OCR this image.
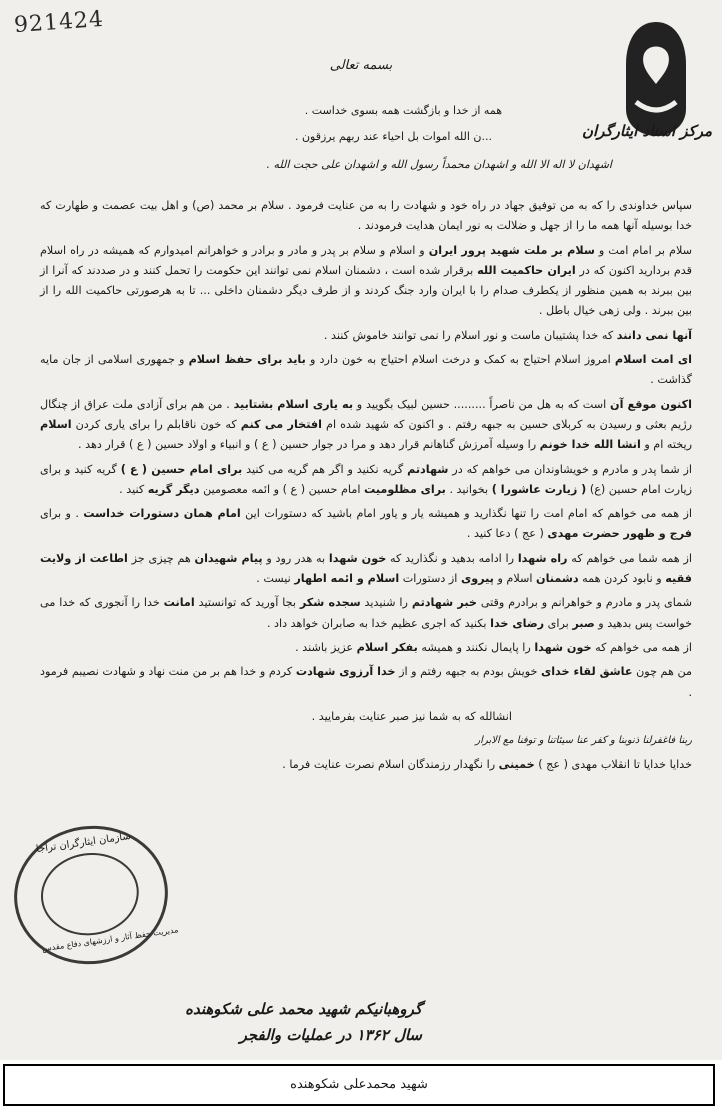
921424
بسمه تعالی
مرکز اسناد ایثارگران
همه از خدا و بازگشت همه بسوی خداست .
...ن الله اموات بل احیاء عند ربهم یرزقون .
اشهدان لا اله الا الله و اشهدان محمداً رسول الله و اشهدان علی حجت الله .

سپاس خداوندی را که به من توفیق جهاد در راه خود و شهادت را به من عنایت فرمود . سلام بر محمد (ص) و اهل بیت عصمت و طهارت که خدا بوسیله آنها همه ما را از جهل و ضلالت به نور ایمان هدایت فرمودند .

سلام بر امام امت و سلام بر ملت شهید پرور ایران و اسلام و سلام بر پدر و مادر و برادر و خواهرانم امیدوارم که همیشه در راه اسلام قدم بردارید اکنون که در ایران حاکمیت الله برقرار شده است ، دشمنان اسلام نمی توانند این حکومت را تحمل کنند و در صددند که آنرا از بین ببرند به همین منظور از یکطرف صدام را با ایران وارد جنگ کردند و از طرف دیگر دشمنان داخلی ... تا به هرصورتی حاکمیت الله را از بین ببرند . ولی زهی خیال باطل .

آنها نمی دانند که خدا پشتیبان ماست و نور اسلام را نمی توانند خاموش کنند .

ای امت اسلام امروز اسلام احتیاج به کمک و درخت اسلام احتیاج به خون دارد و باید برای حفظ اسلام و جمهوری اسلامی از جان مایه گذاشت .

اکنون موقع آن است که به هل من ناصراً ......... حسین لبیک بگویید و به یاری اسلام بشتابید . من هم برای آزادی ملت عراق از چنگال رژیم بعثی و رسیدن به کربلای حسین به جبهه رفتم . و اکنون که شهید شده ام افتخار می کنم که خون ناقابلم را برای یاری کردن اسلام ریخته ام و انشا الله خدا خونم را وسیله آمرزش گناهانم قرار دهد و مرا در جوار حسین ( ع ) و انبیاء و اولاد حسین ( ع ) قرار دهد .

از شما پدر و مادرم و خویشاوندان می خواهم که در شهادتم گریه نکنید و اگر هم گریه می کنید برای امام حسین ( ع ) گریه کنید و برای زیارت امام حسین (ع) ( زیارت عاشورا ) بخوانید . برای مظلومیت امام حسین ( ع ) و ائمه معصومین دیگر گریه کنید .

از همه می خواهم که امام امت را تنها نگذارید و همیشه یار و یاور امام باشید که دستورات این امام همان دستورات خداست . و برای فرج و ظهور حضرت مهدی ( عج ) دعا کنید .

از همه شما می خواهم که راه شهدا را ادامه بدهید و نگذارید که خون شهدا به هدر رود و پیام شهیدان هم چیزی جز اطاعت از ولایت فقیه و نابود کردن همه دشمنان اسلام و پیروی از دستورات اسلام و ائمه اطهار نیست .

شمای پدر و مادرم و خواهرانم و برادرم وقتی خبر شهادتم را شنیدید سجده شکر بجا آورید که توانستید امانت خدا را آنجوری که خدا می خواست پس بدهید و صبر برای رضای خدا بکنید که اجری عظیم خدا به صابران خواهد داد .

از همه می خواهم که خون شهدا را پایمال نکنند و همیشه بفکر اسلام عزیز باشند .

من هم چون عاشق لقاء خدای خویش بودم به جبهه رفتم و از خدا آرزوی شهادت کردم و خدا هم بر من منت نهاد و شهادت نصیبم فرمود .

انشالله که به شما نیز صبر عنایت بفرمایید .

ربنا فاغفرلنا ذنوبنا و کفر عنا سیئاتنا و توفنا مع الابرار

خدایا خدایا تا انقلاب مهدی ( عج ) خمینی را نگهدار رزمندگان اسلام نصرت عنایت فرما .

سازمان ایثارگران تراجا
مدیریت حفظ آثار و ارزشهای دفاع مقدس
گروهبانیکم شهید محمد علی شکوهنده
سال ۱۳۶۲ در عملیات والفجر
شهید محمدعلی شکوهنده
